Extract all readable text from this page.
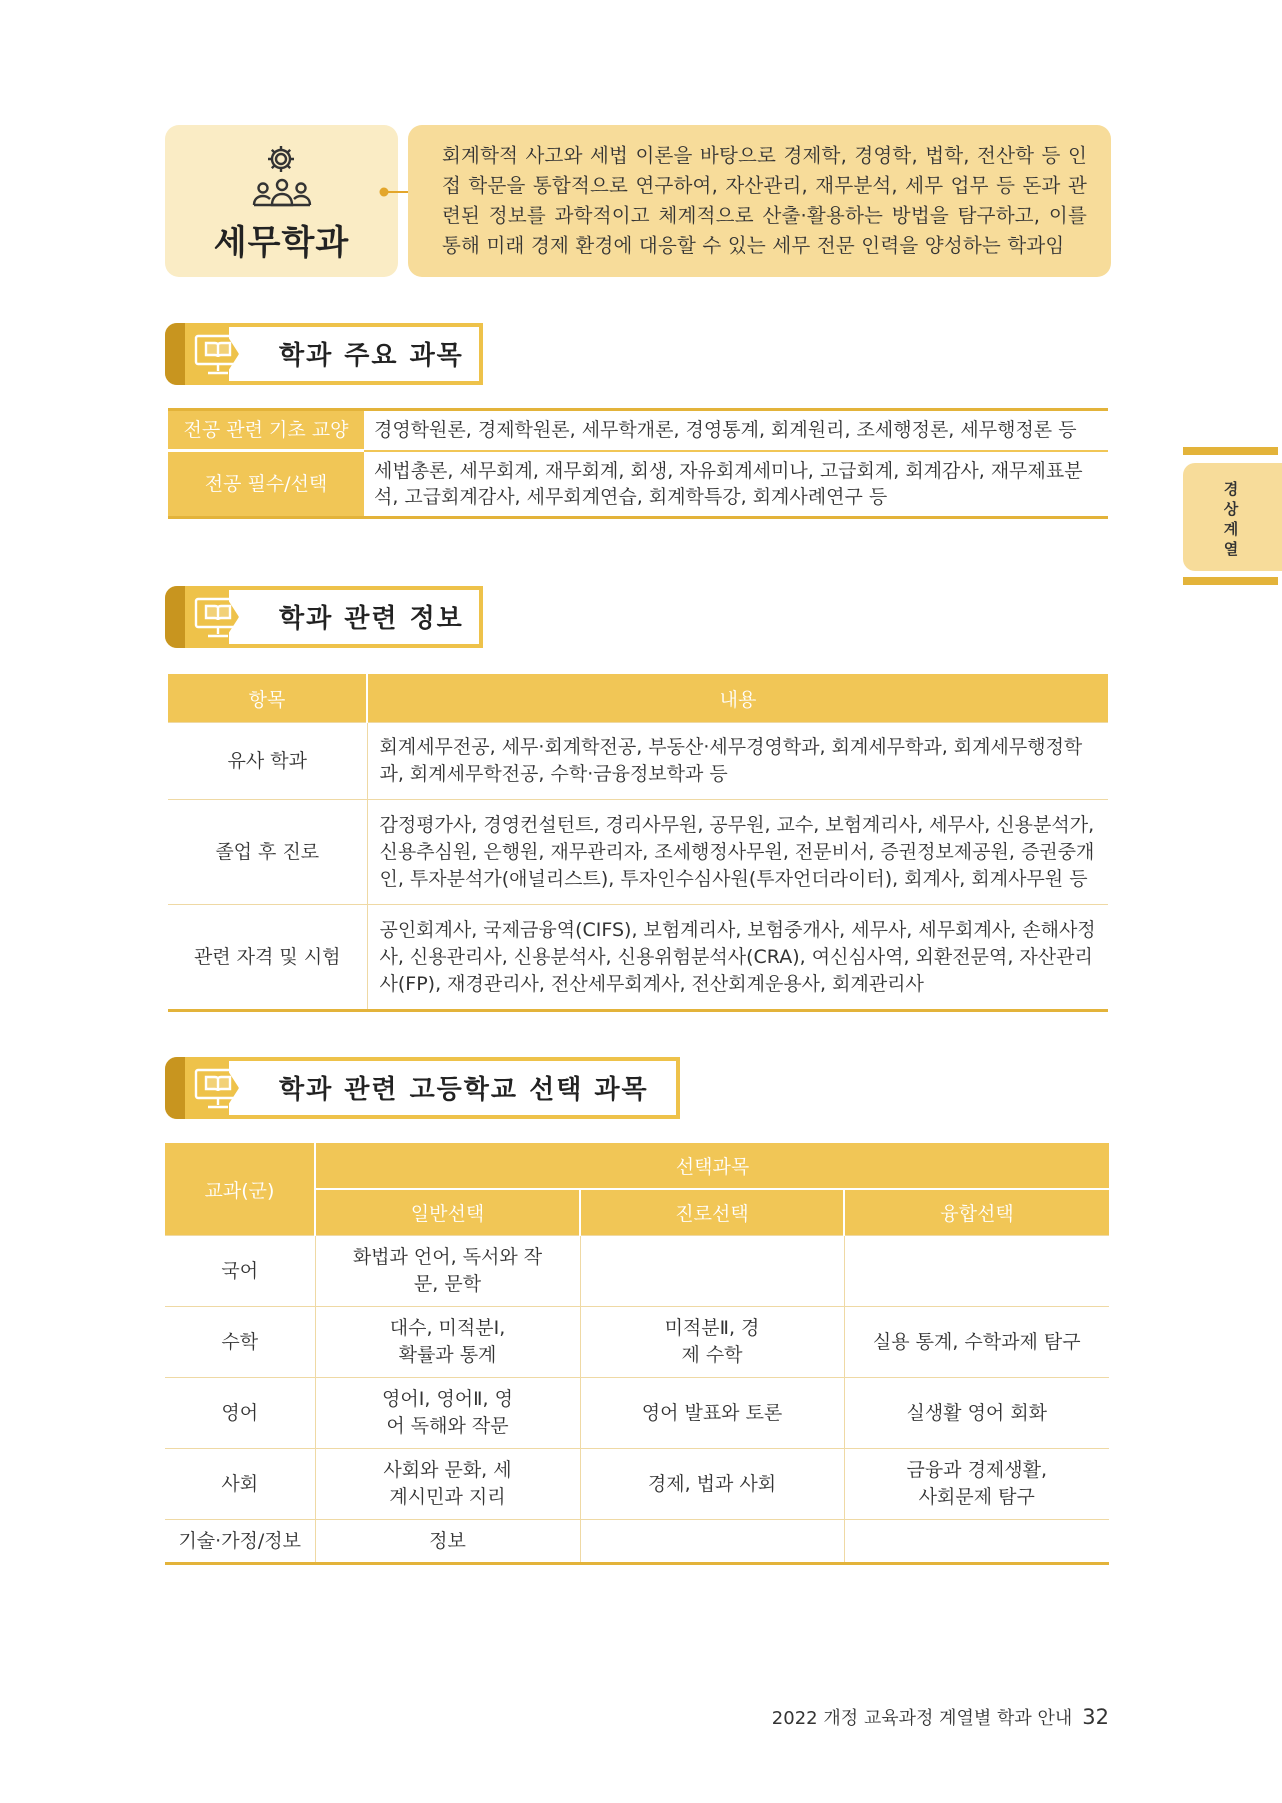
세무학과
회계학적 사고와 세법 이론을 바탕으로 경제학, 경영학, 법학, 전산학 등 인접 학문을 통합적으로 연구하여, 자산관리, 재무분석, 세무 업무 등 돈과 관련된 정보를 과학적이고 체계적으로 산출·활용하는 방법을 탐구하고, 이를 통해 미래 경제 환경에 대응할 수 있는 세무 전문 인력을 양성하는 학과임
경상계열
학과 주요 과목
전공 관련 기초 교양	경영학원론, 경제학원론, 세무학개론, 경영통계, 회계원리, 조세행정론, 세무행정론 등
전공 필수/선택	세법총론, 세무회계, 재무회계, 회생, 자유회계세미나, 고급회계, 회계감사, 재무제표분석, 고급회계감사, 세무회계연습, 회계학특강, 회계사례연구 등
학과 관련 정보
항목	내용
유사 학과	회계세무전공, 세무·회계학전공, 부동산·세무경영학과, 회계세무학과, 회계세무행정학과, 회계세무학전공, 수학·금융정보학과 등
졸업 후 진로	감정평가사, 경영컨설턴트, 경리사무원, 공무원, 교수, 보험계리사, 세무사, 신용분석가, 신용추심원, 은행원, 재무관리자, 조세행정사무원, 전문비서, 증권정보제공원, 증권중개인, 투자분석가(애널리스트), 투자인수심사원(투자언더라이터), 회계사, 회계사무원 등
관련 자격 및 시험	공인회계사, 국제금융역(CIFS), 보험계리사, 보험중개사, 세무사, 세무회계사, 손해사정사, 신용관리사, 신용분석사, 신용위험분석사(CRA), 여신심사역, 외환전문역, 자산관리사(FP), 재경관리사, 전산세무회계사, 전산회계운용사, 회계관리사
학과 관련 고등학교 선택 과목
교과(군)	선택과목		
	일반선택	진로선택	융합선택
국어	화법과 언어, 독서와 작문, 문학		
수학	대수, 미적분Ⅰ, 확률과 통계	미적분Ⅱ, 경제 수학	실용 통계, 수학과제 탐구
영어	영어Ⅰ, 영어Ⅱ, 영어 독해와 작문	영어 발표와 토론	실생활 영어 회화
사회	사회와 문화, 세계시민과 지리	경제, 법과 사회	금융과 경제생활, 사회문제 탐구
기술·가정/정보	정보		
2022 개정 교육과정 계열별 학과 안내 32
